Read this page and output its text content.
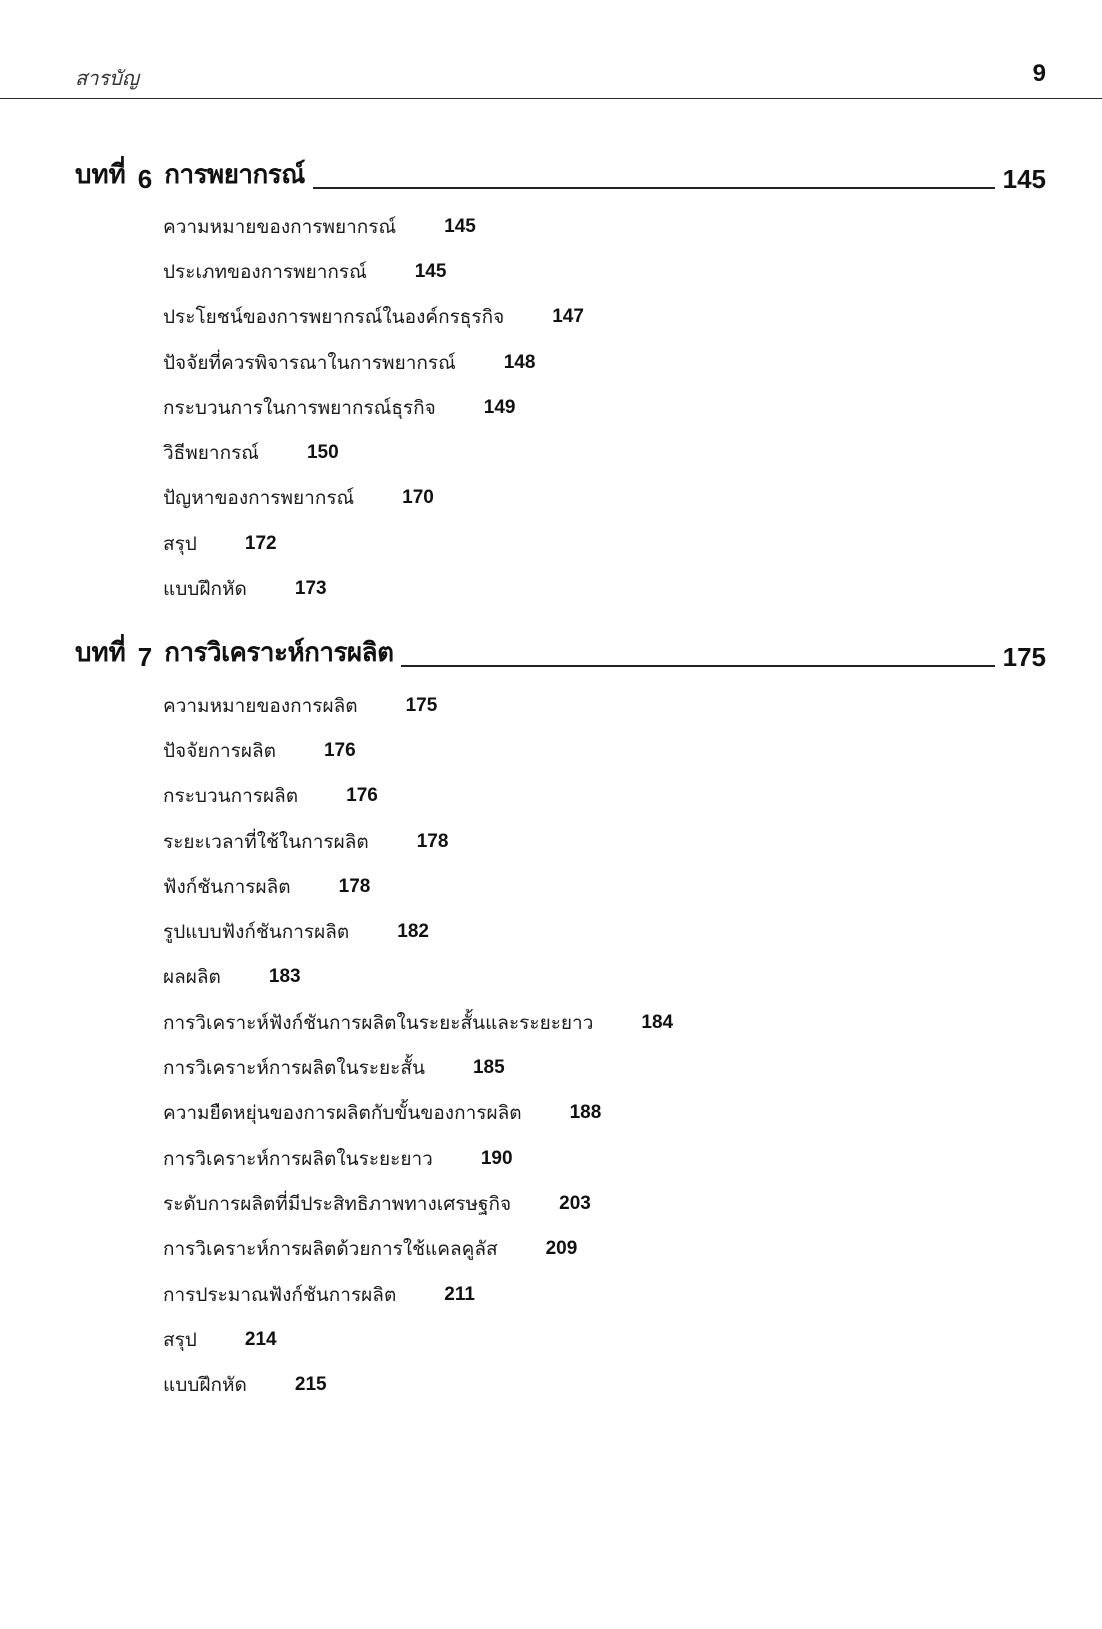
สารบัญ	9
บทที่ 6 การพยากรณ์	145
ความหมายของการพยากรณ์	145
ประเภทของการพยากรณ์	145
ประโยชน์ของการพยากรณ์ในองค์กรธุรกิจ	147
ปัจจัยที่ควรพิจารณาในการพยากรณ์	148
กระบวนการในการพยากรณ์ธุรกิจ	149
วิธีพยากรณ์	150
ปัญหาของการพยากรณ์	170
สรุป	172
แบบฝึกหัด	173
บทที่ 7 การวิเคราะห์การผลิต	175
ความหมายของการผลิต	175
ปัจจัยการผลิต	176
กระบวนการผลิต	176
ระยะเวลาที่ใช้ในการผลิต	178
ฟังก์ชันการผลิต	178
รูปแบบฟังก์ชันการผลิต	182
ผลผลิต	183
การวิเคราะห์ฟังก์ชันการผลิตในระยะสั้นและระยะยาว	184
การวิเคราะห์การผลิตในระยะสั้น	185
ความยืดหยุ่นของการผลิตกับขั้นของการผลิต	188
การวิเคราะห์การผลิตในระยะยาว	190
ระดับการผลิตที่มีประสิทธิภาพทางเศรษฐกิจ	203
การวิเคราะห์การผลิตด้วยการใช้แคลคูลัส	209
การประมาณฟังก์ชันการผลิต	211
สรุป	214
แบบฝึกหัด	215
